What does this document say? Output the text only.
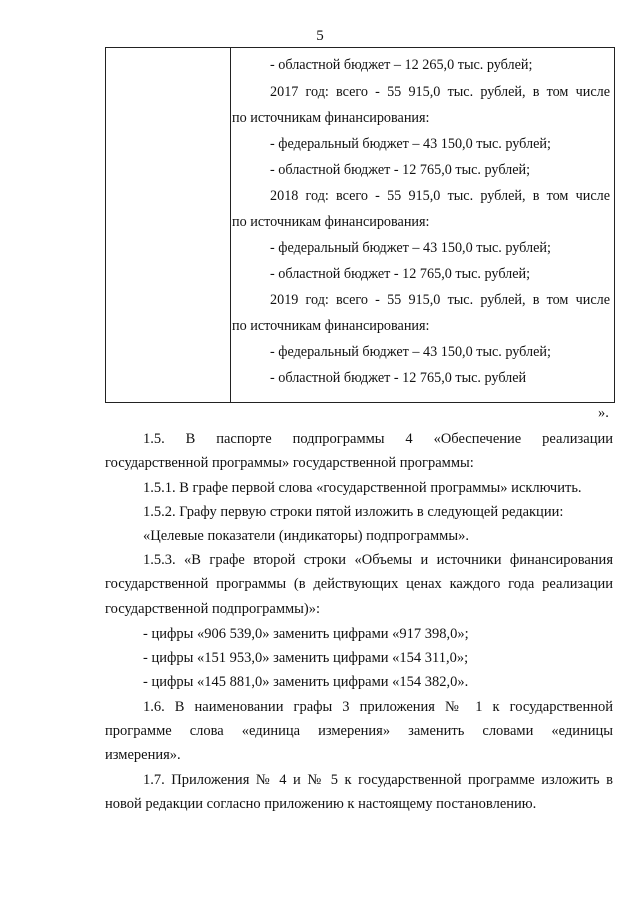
5
- областной бюджет – 12 265,0 тыс. рублей;
2017 год: всего - 55 915,0 тыс. рублей, в том числе
по источникам финансирования:
- федеральный бюджет – 43 150,0 тыс. рублей;
- областной бюджет - 12 765,0 тыс. рублей;
2018 год: всего - 55 915,0 тыс. рублей, в том числе
по источникам финансирования:
- федеральный бюджет – 43 150,0 тыс. рублей;
- областной бюджет - 12 765,0 тыс. рублей;
2019 год: всего - 55 915,0 тыс. рублей, в том числе
по источникам финансирования:
- федеральный бюджет – 43 150,0 тыс. рублей;
- областной бюджет - 12 765,0 тыс. рублей
».
1.5. В паспорте подпрограммы 4 «Обеспечение реализации
государственной программы» государственной программы:
1.5.1. В графе первой слова «государственной программы» исключить.
1.5.2. Графу первую строки пятой изложить в следующей редакции:
«Целевые показатели (индикаторы) подпрограммы».
1.5.3. «В графе второй строки «Объемы и источники финансирования
государственной программы (в действующих ценах каждого года реализации
государственной подпрограммы)»:
- цифры «906 539,0» заменить цифрами «917 398,0»;
- цифры «151 953,0» заменить цифрами «154 311,0»;
- цифры «145 881,0» заменить цифрами «154 382,0».
1.6. В наименовании графы 3 приложения № 1 к государственной
программе слова «единица измерения» заменить словами «единицы
измерения».
1.7. Приложения № 4 и № 5 к государственной программе изложить в
новой редакции согласно приложению к настоящему постановлению.
